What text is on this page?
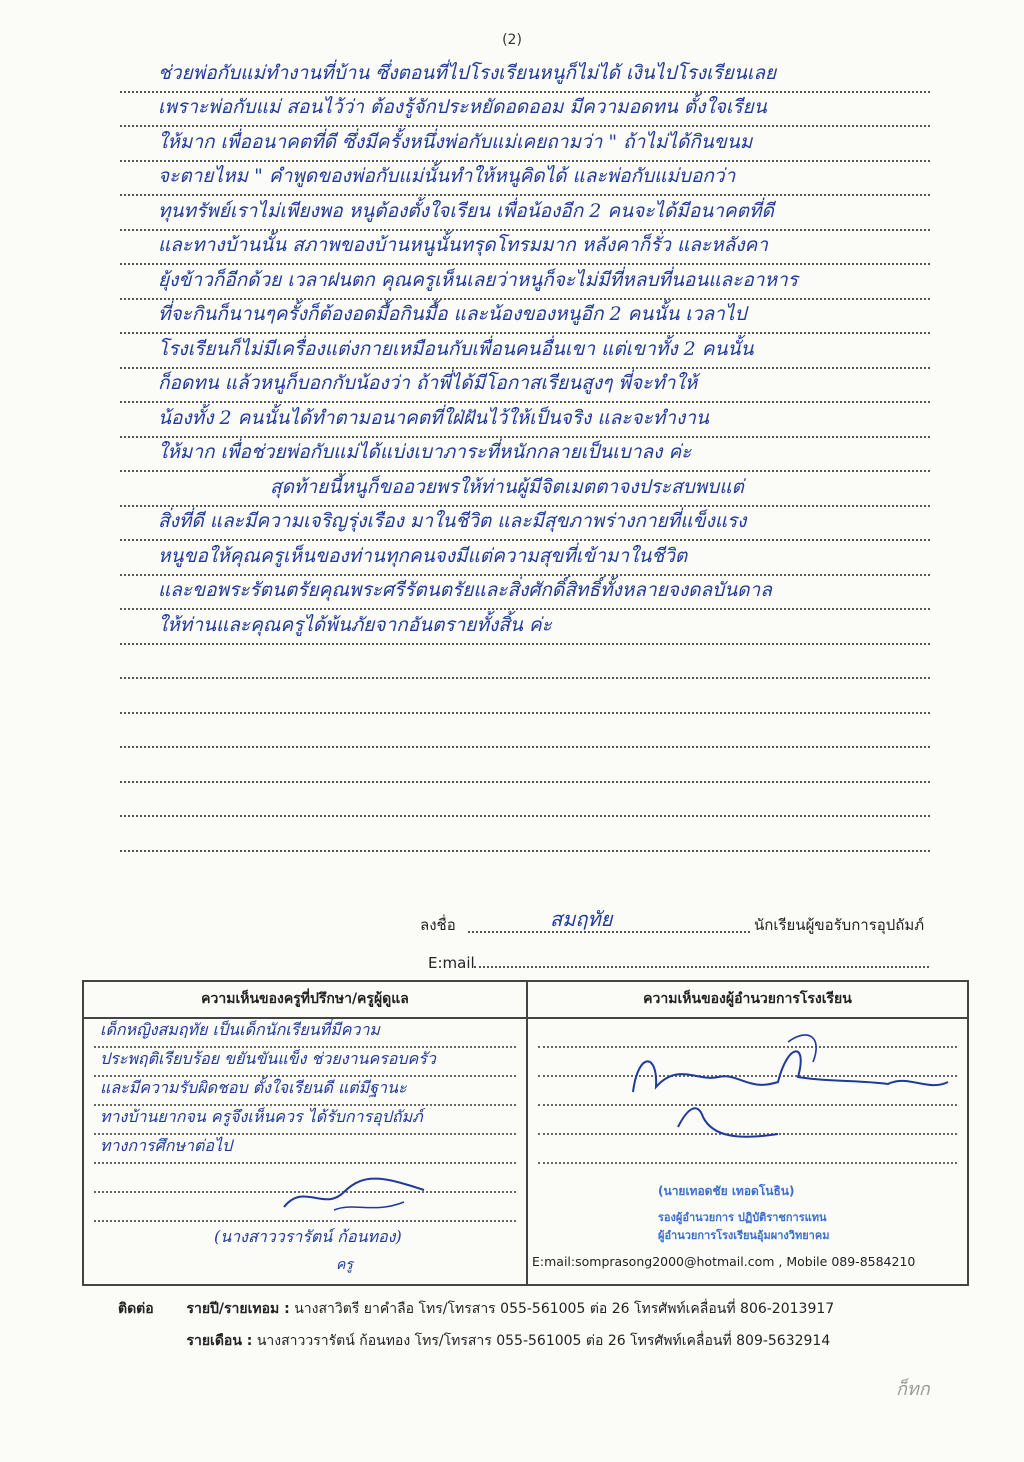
(2)
ช่วยพ่อกับแม่ทำงานที่บ้าน ซึ่งตอนที่ไปโรงเรียนหนูก็ไม่ได้ เงินไปโรงเรียนเลย
เพราะพ่อกับแม่ สอนไว้ว่า ต้องรู้จักประหยัดอดออม มีความอดทน ตั้งใจเรียน
ให้มาก เพื่ออนาคตที่ดี ซึ่งมีครั้งหนึ่งพ่อกับแม่เคยถามว่า " ถ้าไม่ได้กินขนม
จะตายไหม " คำพูดของพ่อกับแม่นั้นทำให้หนูคิดได้ และพ่อกับแม่บอกว่า
ทุนทรัพย์เราไม่เพียงพอ หนูต้องตั้งใจเรียน เพื่อน้องอีก 2 คนจะได้มีอนาคตที่ดี
และทางบ้านนั้น สภาพของบ้านหนูนั้นทรุดโทรมมาก หลังคาก็รั่ว และหลังคา
ยุ้งข้าวก็อีกด้วย เวลาฝนตก คุณครูเห็นเลยว่าหนูก็จะไม่มีที่หลบที่นอนและอาหาร
ที่จะกินก็นานๆครั้งก็ต้องอดมื้อกินมื้อ และน้องของหนูอีก 2 คนนั้น เวลาไป
โรงเรียนก็ไม่มีเครื่องแต่งกายเหมือนกับเพื่อนคนอื่นเขา แต่เขาทั้ง 2 คนนั้น
ก็อดทน แล้วหนูก็บอกกับน้องว่า ถ้าพี่ได้มีโอกาสเรียนสูงๆ พี่จะทำให้
น้องทั้ง 2 คนนั้นได้ทำตามอนาคตที่ใฝ่ฝันไว้ให้เป็นจริง และจะทำงาน
ให้มาก เพื่อช่วยพ่อกับแม่ได้แบ่งเบาภาระที่หนักกลายเป็นเบาลง ค่ะ
สุดท้ายนี้หนูก็ขออวยพรให้ท่านผู้มีจิตเมตตาจงประสบพบแต่
สิ่งที่ดี และมีความเจริญรุ่งเรือง มาในชีวิต และมีสุขภาพร่างกายที่แข็งแรง
หนูขอให้คุณครูเห็นของท่านทุกคนจงมีแต่ความสุขที่เข้ามาในชีวิต
และขอพระรัตนตรัยคุณพระศรีรัตนตรัยและสิ่งศักดิ์สิทธิ์ทั้งหลายจงดลบันดาล
ให้ท่านและคุณครูได้พ้นภัยจากอันตรายทั้งสิ้น ค่ะ
ลงชื่อ	สมฤทัย	นักเรียนผู้ขอรับการอุปถัมภ์
E:mail
ความเห็นของครูที่ปรึกษา/ครูผู้ดูแล
เด็กหญิงสมฤทัย เป็นเด็กนักเรียนที่มีความ
ประพฤติเรียบร้อย ขยันขันแข็ง ช่วยงานครอบครัว
และมีความรับผิดชอบ ตั้งใจเรียนดี แต่มีฐานะ
ทางบ้านยากจน ครูจึงเห็นควร ได้รับการอุปถัมภ์
ทางการศึกษาต่อไป
(นางสาววรารัตน์ ก้อนทอง)
ครู
ความเห็นของผู้อำนวยการโรงเรียน
(นายเทอดชัย เทอดโนธิน)
รองผู้อำนวยการ ปฏิบัติราชการแทน
ผู้อำนวยการโรงเรียนอุ้มผางวิทยาคม
E:mail:somprasong2000@hotmail.com , Mobile 089-8584210
ติดต่อ รายปี/รายเทอม : นางสาวิตรี ยาคำลือ โทร/โทรสาร 055-561005 ต่อ 26 โทรศัพท์เคลื่อนที่ 806-2013917
รายเดือน : นางสาววรารัตน์ ก้อนทอง โทร/โทรสาร 055-561005 ต่อ 26 โทรศัพท์เคลื่อนที่ 809-5632914
ก็ทก
